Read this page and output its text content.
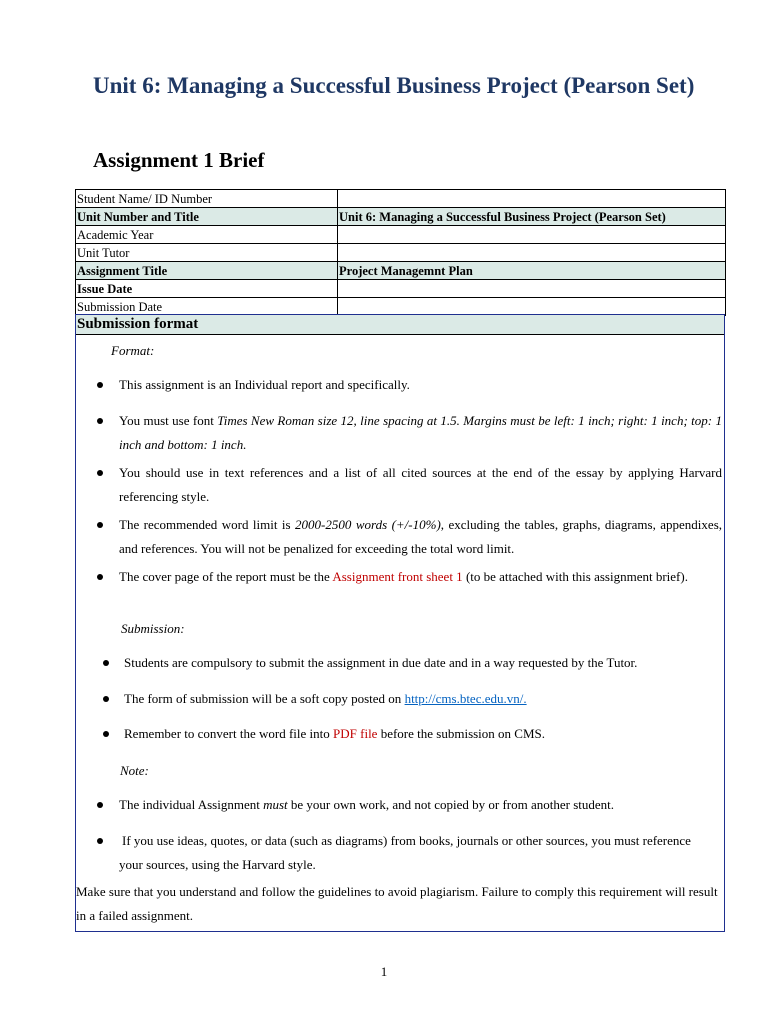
Unit 6: Managing a Successful Business Project (Pearson Set)
Assignment 1 Brief
Student Name/ ID Number	
Unit Number and Title	Unit 6: Managing a Successful Business Project (Pearson Set)
Academic Year	
Unit Tutor	
Assignment Title	Project Managemnt Plan
Issue Date	
Submission Date	
Submission format
Format:
This assignment is an Individual report and specifically.
You must use font Times New Roman size 12, line spacing at 1.5. Margins must be left: 1 inch; right: 1 inch; top: 1 inch and bottom: 1 inch.
You should use in text references and a list of all cited sources at the end of the essay by applying Harvard referencing style.
The recommended word limit is 2000-2500 words (+/-10%), excluding the tables, graphs, diagrams, appendixes, and references. You will not be penalized for exceeding the total word limit.
The cover page of the report must be the Assignment front sheet 1 (to be attached with this assignment brief).
Submission:
Students are compulsory to submit the assignment in due date and in a way requested by the Tutor.
The form of submission will be a soft copy posted on http://cms.btec.edu.vn/.
Remember to convert the word file into PDF file before the submission on CMS.
Note:
The individual Assignment must be your own work, and not copied by or from another student.
If you use ideas, quotes, or data (such as diagrams) from books, journals or other sources, you must reference your sources, using the Harvard style.
Make sure that you understand and follow the guidelines to avoid plagiarism. Failure to comply this requirement will result in a failed assignment.
1
